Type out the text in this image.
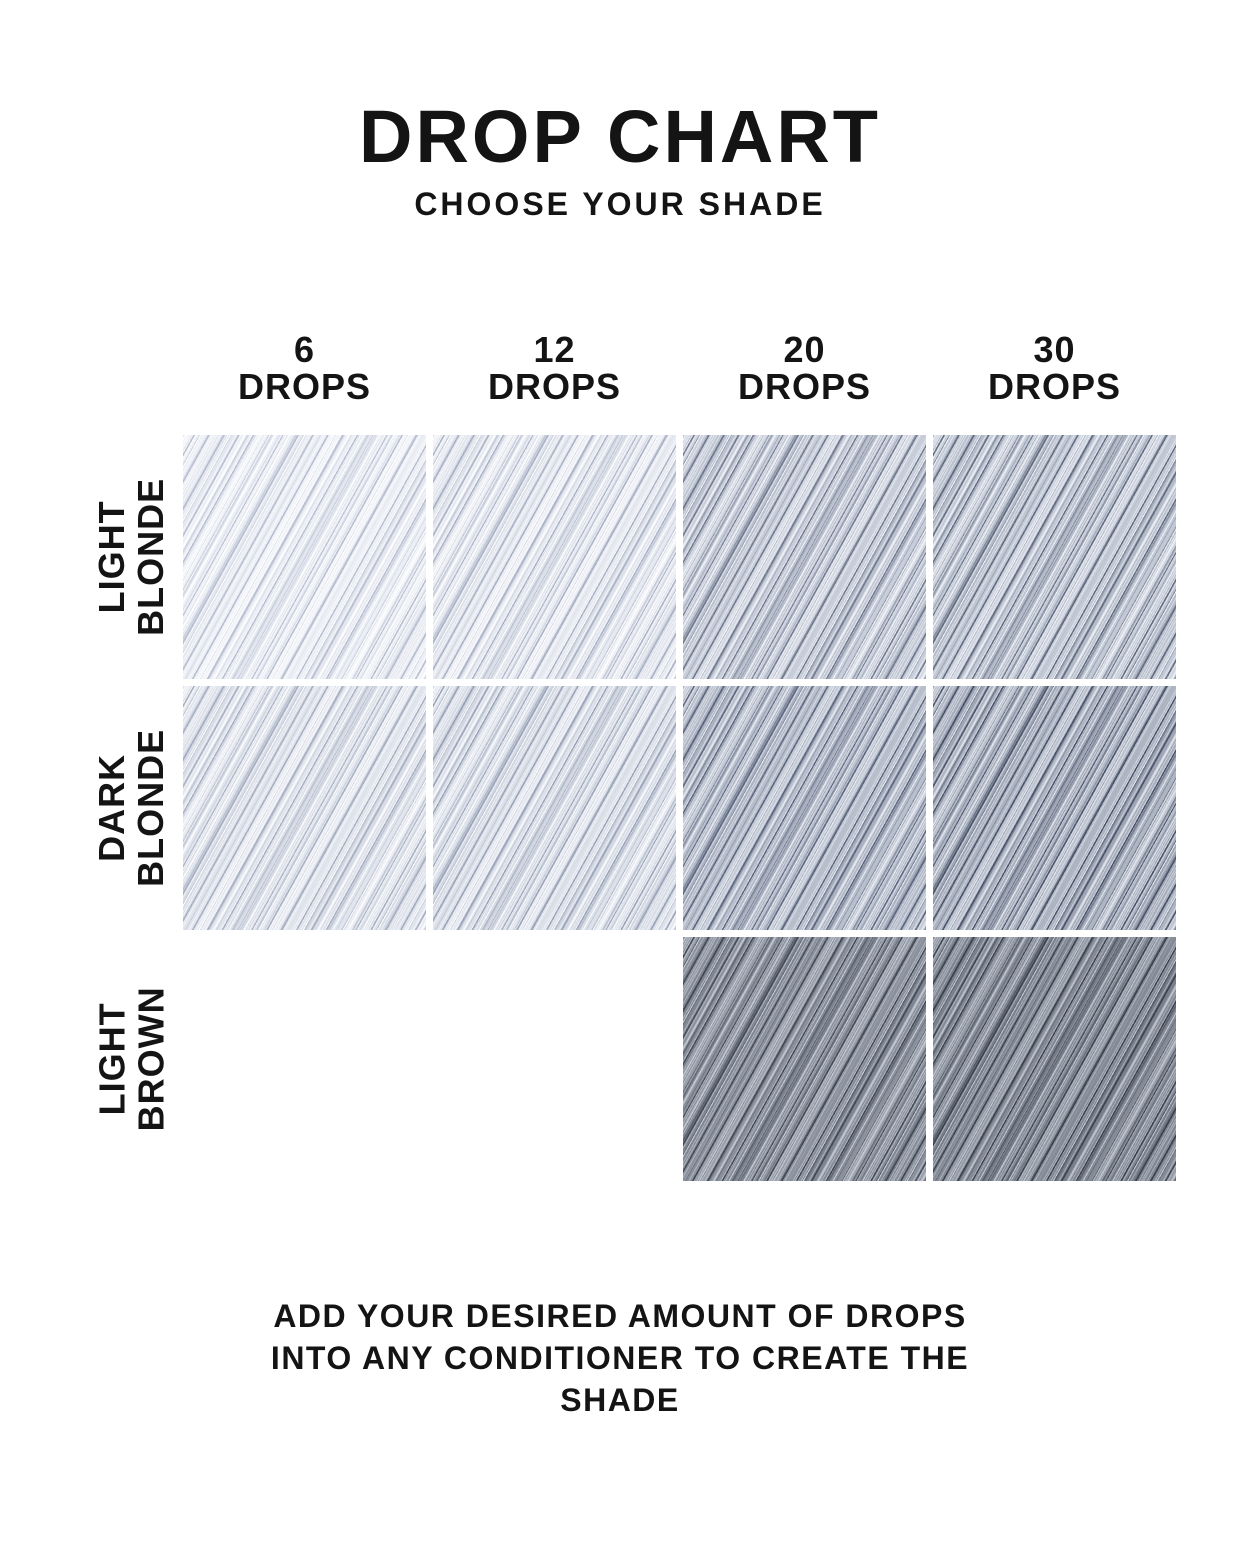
DROP CHART
CHOOSE YOUR SHADE
6
DROPS
12
DROPS
20
DROPS
30
DROPS
LIGHT
BLONDE
DARK
BLONDE
LIGHT
BROWN
ADD YOUR DESIRED AMOUNT OF DROPS
INTO ANY CONDITIONER TO CREATE THE
SHADE
